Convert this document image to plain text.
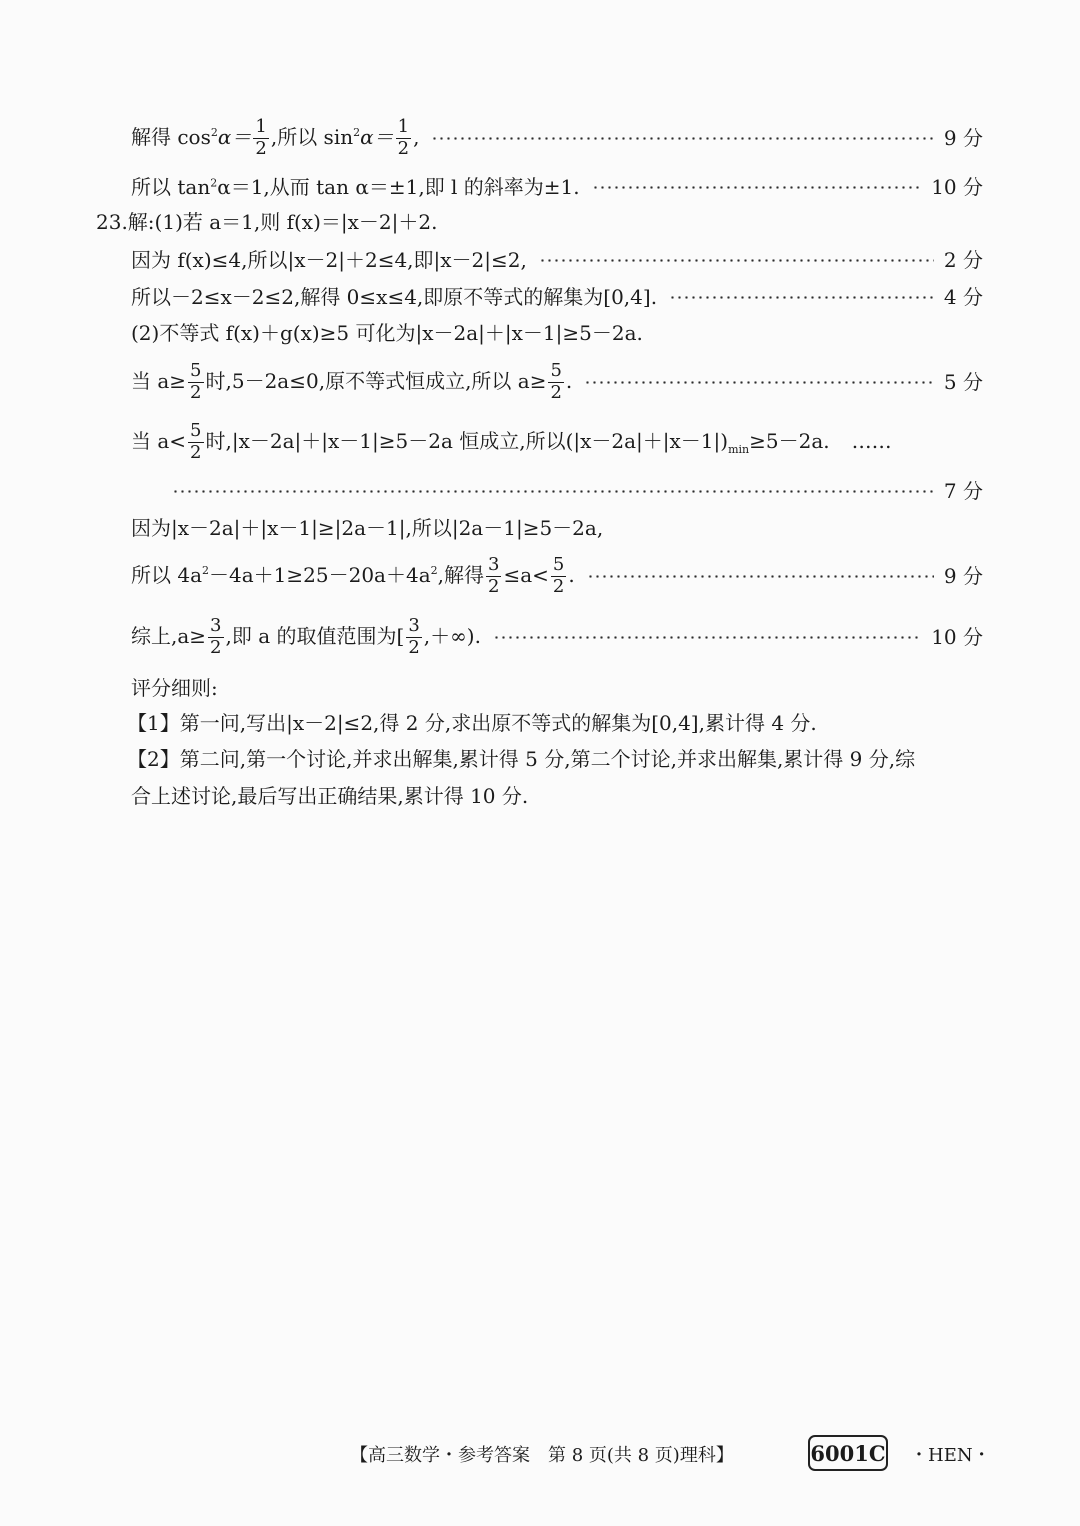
解得 $\cos^2\alpha= \frac{1}{2}$ ,所以 $\sin^2\alpha= \frac{1}{2}$ ,	9 分
所以 $\tan^2\alpha=1$,从而 tan α＝±1,即 l 的斜率为±1.	10 分
23.解:(1)若 a＝1,则 f(x)＝|x－2|＋2.
因为 f(x)≤4,所以|x－2|＋2≤4,即|x－2|≤2,	2 分
所以－2≤x－2≤2,解得 0≤x≤4,即原不等式的解集为[0,4].	4 分
(2)不等式 f(x)＋g(x)≥5 可化为|x－2a|＋|x－1|≥5－2a.
当 $a\ge \frac{5}{2}$ 时,5－2a≤0,原不等式恒成立,所以 $a\ge \frac{5}{2}$ .	5 分
当 $a< \frac{5}{2}$ 时,|x－2a|＋|x－1|≥5－2a 恒成立,所以$(|x-2a|+|x-1|)_{min}\ge 5-2a$. ……
7 分
因为|x－2a|＋|x－1|≥|2a－1|,所以|2a－1|≥5－2a,
所以 $4a^2-4a+1\ge 25-20a+4a^2$,解得 $\frac{3}{2} \le a< \frac{5}{2}$ .	9 分
综上$,a\ge \frac{3}{2}$ ,即 a 的取值范围为[ $\frac{3}{2}$ ,＋∞).	10 分
评分细则:
【1】第一问,写出|x－2|≤2,得 2 分,求出原不等式的解集为[0,4],累计得 4 分.
【2】第二问,第一个讨论,并求出解集,累计得 5 分,第二个讨论,并求出解集,累计得 9 分,综
合上述讨论,最后写出正确结果,累计得 10 分.
【高三数学・参考答案　第 8 页(共 8 页)理科】	6001C ・HEN・
